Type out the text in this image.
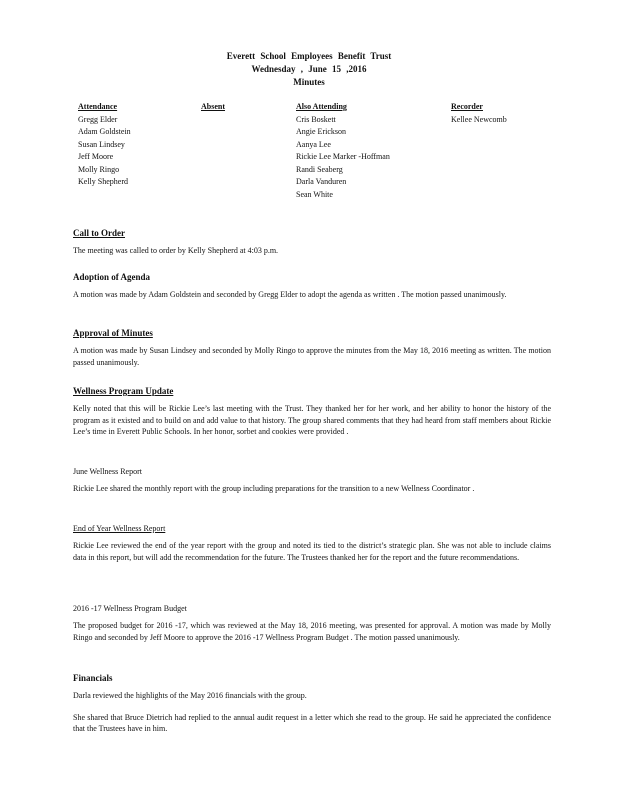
Everett School Employees Benefit Trust
Wednesday , June 15 ,2016
Minutes
Attendance
Gregg Elder
Adam Goldstein
Susan Lindsey
Jeff Moore
Molly Ringo
Kelly Shepherd
Absent	Also Attending
Cris Boskett
Angie Erickson
Aanya Lee
Rickie Lee Marker -Hoffman
Randi Seaberg
Darla Vanduren
Sean White
Recorder
Kellee Newcomb
Call to Order

The meeting was called to order by Kelly Shepherd at 4:03 p.m.

Adoption of Agenda

A motion was made by Adam Goldstein and seconded by Gregg Elder to adopt the agenda as written . The motion passed unanimously.

Approval of Minutes

A motion was made by Susan Lindsey and seconded by Molly Ringo to approve the minutes from the May 18, 2016 meeting as written. The motion passed unanimously.

Wellness Program Update

Kelly noted that this will be Rickie Lee’s last meeting with the Trust. They thanked her for her work, and her ability to honor the history of the program as it existed and to build on and add value to that history. The group shared comments that they had heard from staff members about Rickie Lee’s time in Everett Public Schools. In her honor, sorbet and cookies were provided .

June Wellness Report

Rickie Lee shared the monthly report with the group including preparations for the transition to a new Wellness Coordinator .

End of Year Wellness Report

Rickie Lee reviewed the end of the year report with the group and noted its tied to the district’s strategic plan. She was not able to include claims data in this report, but will add the recommendation for the future. The Trustees thanked her for the report and the future recommendations.

2016 -17 Wellness Program Budget

The proposed budget for 2016 -17, which was reviewed at the May 18, 2016 meeting, was presented for approval. A motion was made by Molly Ringo and seconded by Jeff Moore to approve the 2016 -17 Wellness Program Budget . The motion passed unanimously.

Financials

Darla reviewed the highlights of the May 2016 financials with the group.

She shared that Bruce Dietrich had replied to the annual audit request in a letter which she read to the group. He said he appreciated the confidence that the Trustees have in him.
